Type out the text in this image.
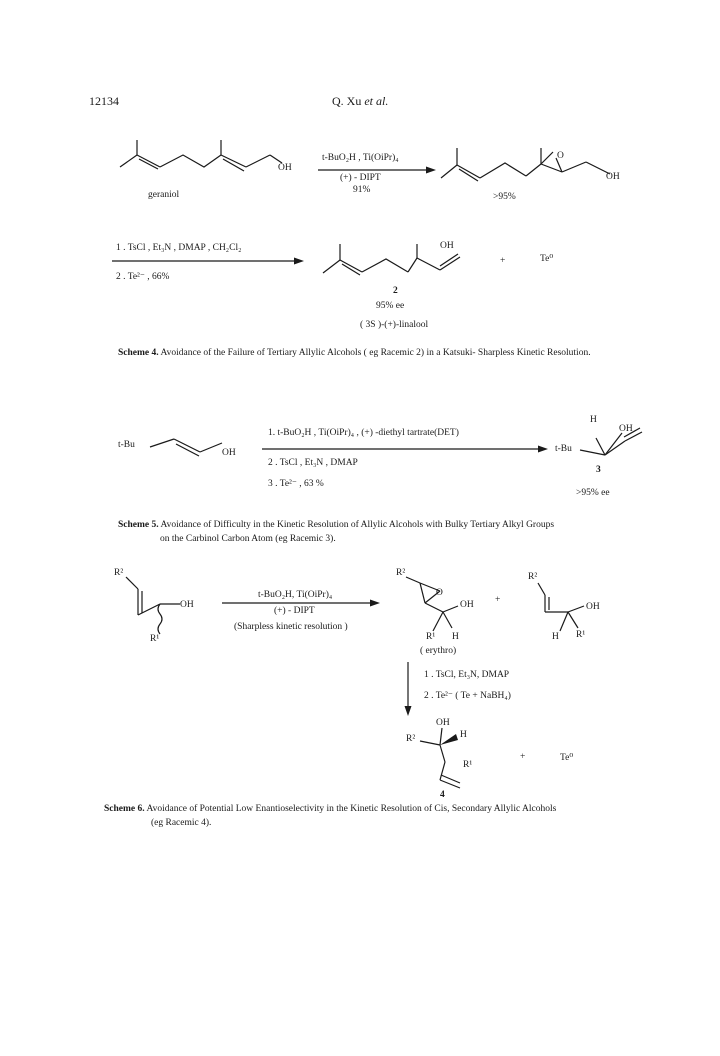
12134	Q. Xu et al.
OH
geraniol
t-BuO₂H , Ti(OiPr)₄
(+) - DIPT
91%
O
OH
>95%
1 . TsCl , Et₃N , DMAP , CH₂Cl₂
2 . Te²⁻ , 66%
OH
+	Te⁰
2
95% ee
( 3S )-(+)-linalool
Scheme 4. Avoidance of the Failure of Tertiary Allylic Alcohols ( eg Racemic 2) in a Katsuki- Sharpless Kinetic Resolution.
t-Bu
OH
1. t-BuO₂H , Ti(OiPr)₄ , (+) -diethyl tartrate(DET)
2 . TsCl , Et₃N , DMAP
3 . Te²⁻ , 63 %
H
OH
t-Bu
3
>95% ee
Scheme 5. Avoidance of Difficulty in the Kinetic Resolution of Allylic Alcohols with Bulky Tertiary Alkyl Groups
on the Carbinol Carbon Atom (eg Racemic 3).
R²
OH
R¹
t-BuO₂H, Ti(OiPr)₄
(+) - DIPT
(Sharpless kinetic resolution )
R²
O
OH
R¹ H
( erythro)
+
R²
OH
H R¹
1 . TsCl, Et₃N, DMAP
2 . Te²⁻ ( Te + NaBH₄)
OH
R²	H
R¹
4
+	Te⁰
Scheme 6. Avoidance of Potential Low Enantioselectivity in the Kinetic Resolution of Cis, Secondary Allylic Alcohols
(eg Racemic 4).
